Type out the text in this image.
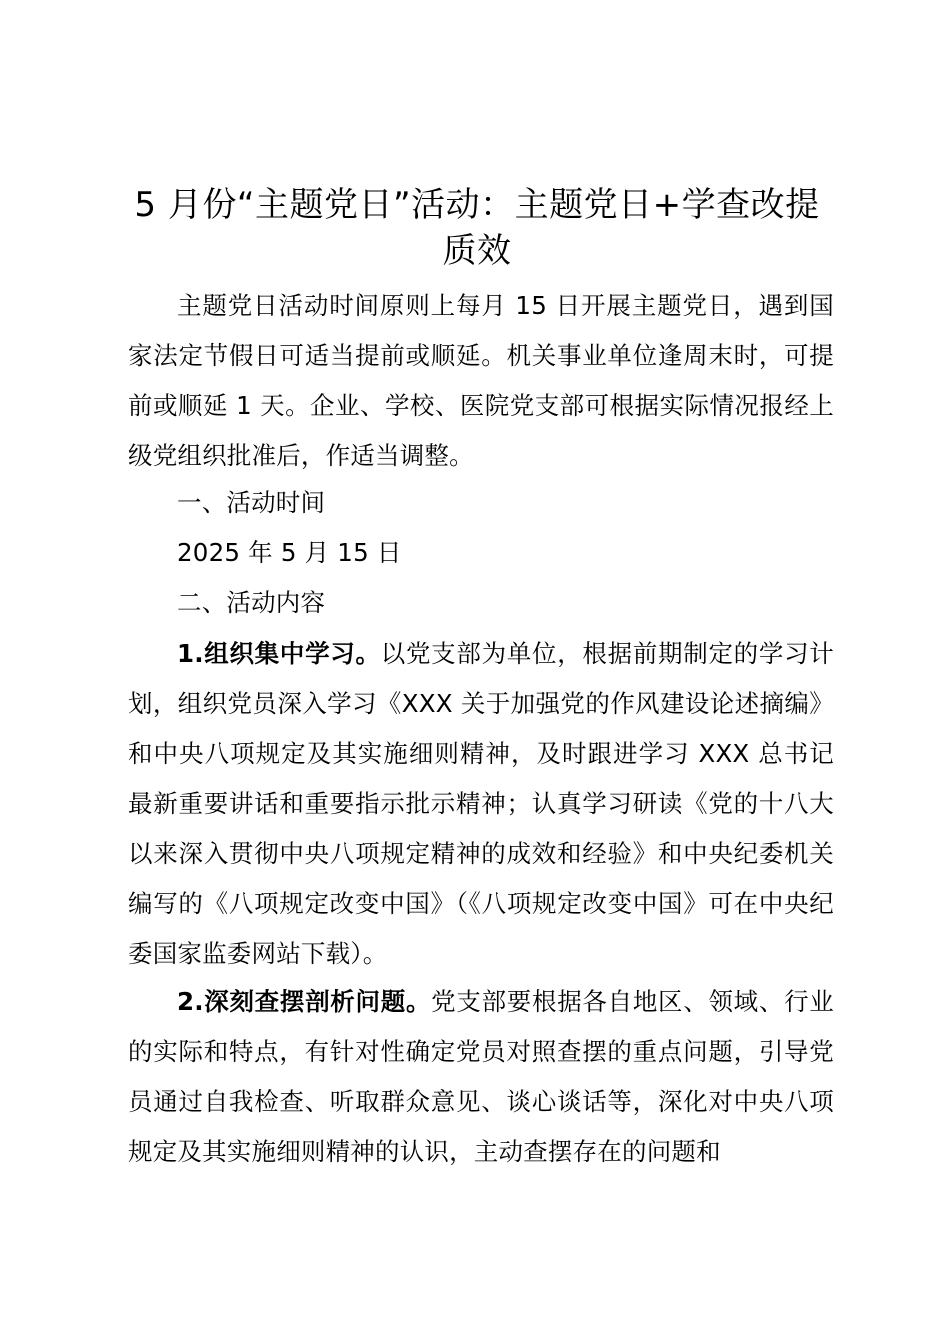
5 月份“主题党日”活动：主题党日+学查改提质效

主题党日活动时间原则上每月 15 日开展主题党日，遇到国家法定节假日可适当提前或顺延。机关事业单位逢周末时，可提前或顺延 1 天。企业、学校、医院党支部可根据实际情况报经上级党组织批准后，作适当调整。

一、活动时间

2025 年 5 月 15 日

二、活动内容

1.组织集中学习。以党支部为单位，根据前期制定的学习计划，组织党员深入学习《XXX 关于加强党的作风建设论述摘编》和中央八项规定及其实施细则精神，及时跟进学习 XXX 总书记最新重要讲话和重要指示批示精神；认真学习研读《党的十八大以来深入贯彻中央八项规定精神的成效和经验》和中央纪委机关编写的《八项规定改变中国》（《八项规定改变中国》可在中央纪委国家监委网站下载）。

2.深刻查摆剖析问题。党支部要根据各自地区、领域、行业的实际和特点，有针对性确定党员对照查摆的重点问题，引导党员通过自我检查、听取群众意见、谈心谈话等，深化对中央八项规定及其实施细则精神的认识，主动查摆存在的问题和
